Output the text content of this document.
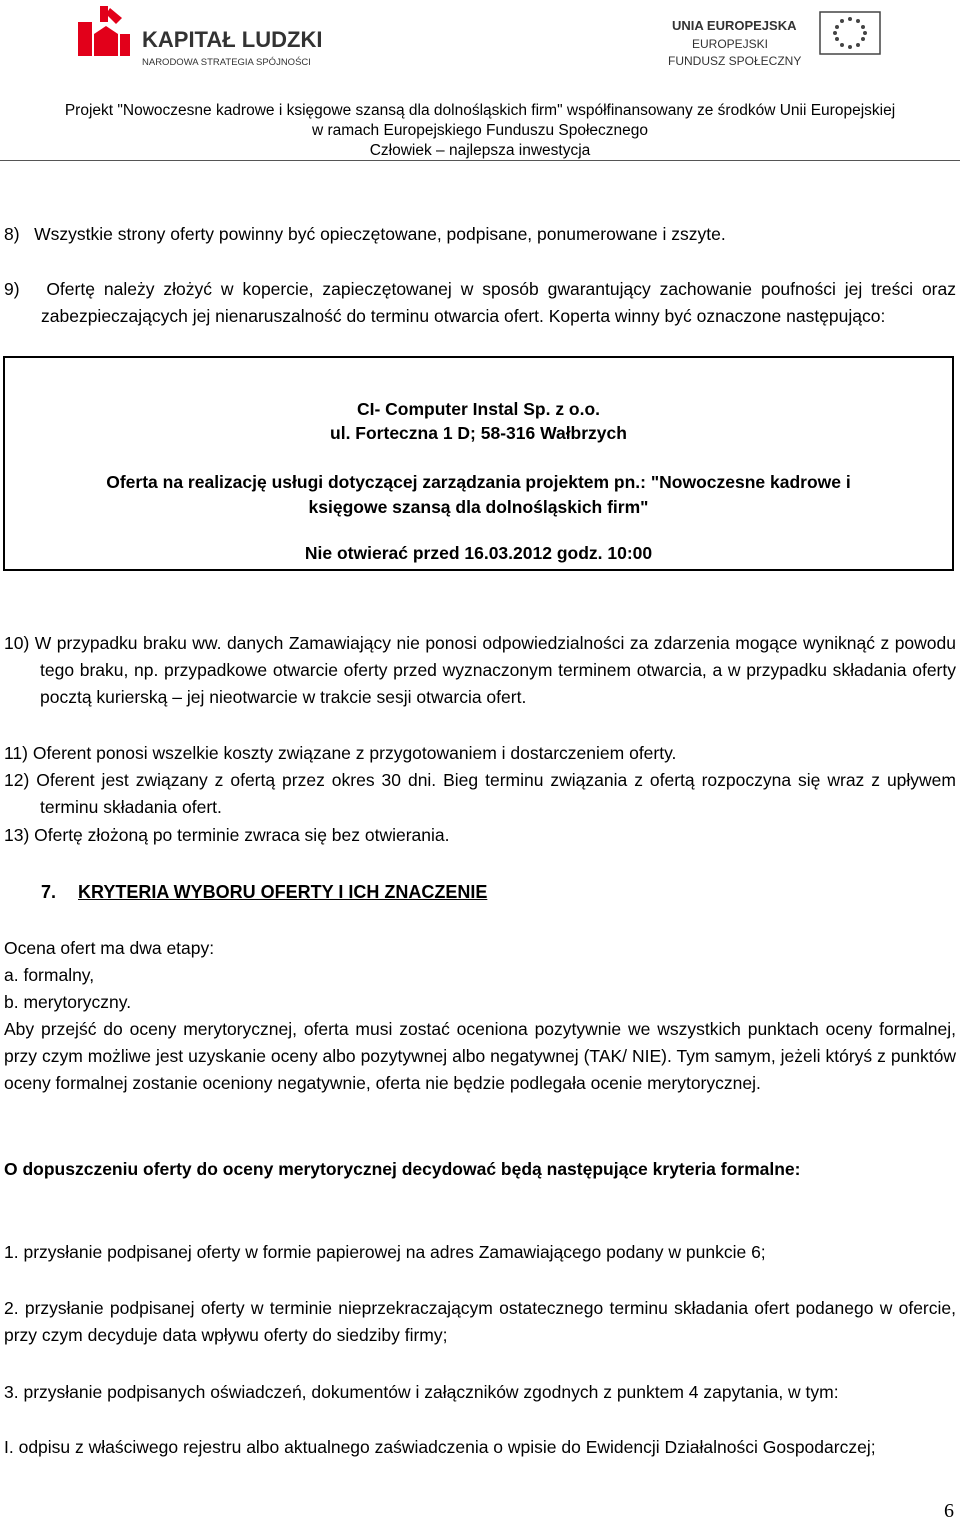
KAPITAŁ LUDZKI
NARODOWA STRATEGIA SPÓJNOŚCI
UNIA EUROPEJSKA
EUROPEJSKI
FUNDUSZ SPOŁECZNY
Projekt "Nowoczesne kadrowe i księgowe szansą dla dolnośląskich firm" współfinansowany ze środków Unii Europejskiej
w ramach Europejskiego Funduszu Społecznego
Człowiek – najlepsza inwestycja

8)   Wszystkie strony oferty powinny być opieczętowane, podpisane, ponumerowane i zszyte.

9)   Ofertę należy złożyć w kopercie, zapieczętowanej w sposób gwarantujący zachowanie poufności jej treści oraz zabezpieczających jej nienaruszalność do terminu otwarcia ofert. Koperta winny być oznaczone następująco:

CI- Computer Instal Sp. z o.o.
ul. Forteczna 1 D; 58-316 Wałbrzych
Oferta na realizację usługi dotyczącej zarządzania projektem pn.: "Nowoczesne kadrowe i
księgowe szansą dla dolnośląskich firm"
Nie otwierać przed 16.03.2012 godz. 10:00

10) W przypadku braku ww. danych Zamawiający nie ponosi odpowiedzialności za zdarzenia mogące wyniknąć z powodu tego braku, np. przypadkowe otwarcie oferty przed wyznaczonym terminem otwarcia, a w przypadku składania oferty pocztą kurierską – jej nieotwarcie w trakcie sesji otwarcia ofert.

11) Oferent ponosi wszelkie koszty związane z przygotowaniem i dostarczeniem oferty.

12) Oferent jest związany z ofertą przez okres 30 dni. Bieg terminu związania z ofertą rozpoczyna się wraz z upływem terminu składania ofert.

13) Ofertę złożoną po terminie zwraca się bez otwierania.

7. KRYTERIA WYBORU OFERTY I ICH ZNACZENIE

Ocena ofert ma dwa etapy:

a. formalny,

b. merytoryczny.

Aby przejść do oceny merytorycznej, oferta musi zostać oceniona pozytywnie we wszystkich punktach oceny formalnej, przy czym możliwe jest uzyskanie oceny albo pozytywnej albo negatywnej (TAK/ NIE). Tym samym, jeżeli któryś z punktów oceny formalnej zostanie oceniony negatywnie, oferta nie będzie podlegała ocenie merytorycznej.

O dopuszczeniu oferty do oceny merytorycznej decydować będą następujące kryteria formalne:

1. przysłanie podpisanej oferty w formie papierowej na adres Zamawiającego podany w punkcie 6;

2. przysłanie podpisanej oferty w terminie nieprzekraczającym ostatecznego terminu składania ofert podanego w ofercie, przy czym decyduje data wpływu oferty do siedziby firmy;

3. przysłanie podpisanych oświadczeń, dokumentów i załączników zgodnych z punktem 4 zapytania, w tym:

I. odpisu z właściwego rejestru albo aktualnego zaświadczenia o wpisie do Ewidencji Działalności Gospodarczej;

6
